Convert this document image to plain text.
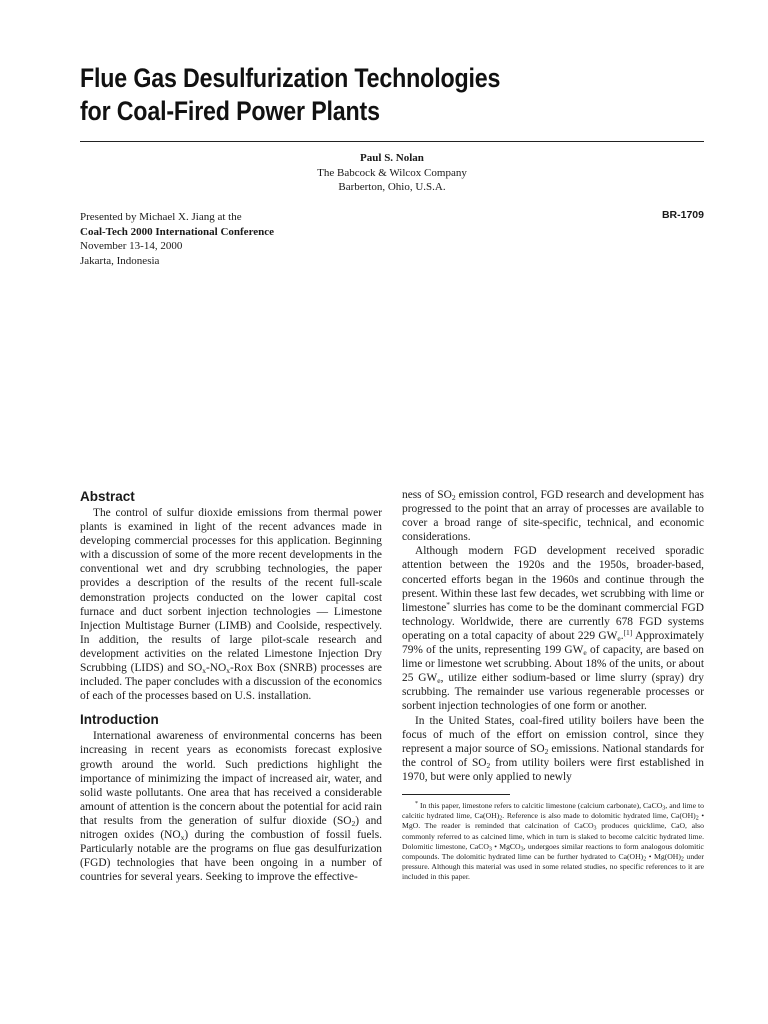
Flue Gas Desulfurization Technologies
for Coal-Fired Power Plants
Paul S. Nolan
The Babcock & Wilcox Company
Barberton, Ohio, U.S.A.
Presented by Michael X. Jiang at the
Coal-Tech 2000 International Conference
November 13-14, 2000
Jakarta, Indonesia
BR-1709
Abstract

The control of sulfur dioxide emissions from thermal power plants is examined in light of the recent advances made in developing commercial processes for this application. Beginning with a discussion of some of the more recent developments in the conventional wet and dry scrubbing technologies, the paper provides a description of the results of the recent full-scale demonstration projects conducted on the lower capital cost furnace and duct sorbent injection technologies — Limestone Injection Multistage Burner (LIMB) and Coolside, respectively. In addition, the results of large pilot-scale research and development activities on the related Limestone Injection Dry Scrubbing (LIDS) and $SO_x-NO_x$-Rox Box (SNRB) processes are included. The paper concludes with a discussion of the economics of each of the processes based on U.S. installation.

Introduction

International awareness of environmental concerns has been increasing in recent years as economists forecast explosive growth around the world. Such predictions highlight the importance of minimizing the impact of increased air, water, and solid waste pollutants. One area that has received a considerable amount of attention is the concern about the potential for acid rain that results from the generation of sulfur dioxide $(SO_2)$ and nitrogen oxides $(NO_x)$ during the combustion of fossil fuels. Particularly notable are the programs on flue gas desulfurization (FGD) technologies that have been ongoing in a number of countries for several years. Seeking to improve the effective-

ness of $SO_2$ emission control, FGD research and development has progressed to the point that an array of processes are available to cover a broad range of site-specific, technical, and economic considerations.

Although modern FGD development received sporadic attention between the 1920s and the 1950s, broader-based, concerted efforts began in the 1960s and continue through the present. Within these last few decades, wet scrubbing with lime or limestone* slurries has come to be the dominant commercial FGD technology. Worldwide, there are currently 678 FGD systems operating on a total capacity of about 229 $GW_e.[1]$ Approximately 79% of the units, representing 199 $GW_e$ of capacity, are based on lime or limestone wet scrubbing. About 18% of the units, or about 25 $GW_e$, utilize either sodium-based or lime slurry (spray) dry scrubbing. The remainder use various regenerable processes or sorbent injection technologies of one form or another.

In the United States, coal-fired utility boilers have been the focus of much of the effort on emission control, since they represent a major source of $SO_2$ emissions. National standards for the control of $SO_2$ from utility boilers were first established in 1970, but were only applied to newly

* In this paper, limestone refers to calcitic limestone (calcium carbonate), CaCO$_3$, and lime to calcitic hydrated lime, $Ca(OH)_2$. Reference is also made to dolomitic hydrated lime, $Ca(OH)_2$ • MgO. The reader is reminded that calcination of CaCO$_3$ produces quicklime, CaO, also commonly referred to as calcined lime, which in turn is slaked to become calcitic hydrated lime. Dolomitic limestone, CaCO$_3$ • MgCO$_3$, undergoes similar reactions to form analogous dolomitic compounds. The dolomitic hydrated lime can be further hydrated to $Ca(OH)_2$ • $Mg(OH)_2$ under pressure. Although this material was used in some related studies, no specific references to it are included in this paper.
